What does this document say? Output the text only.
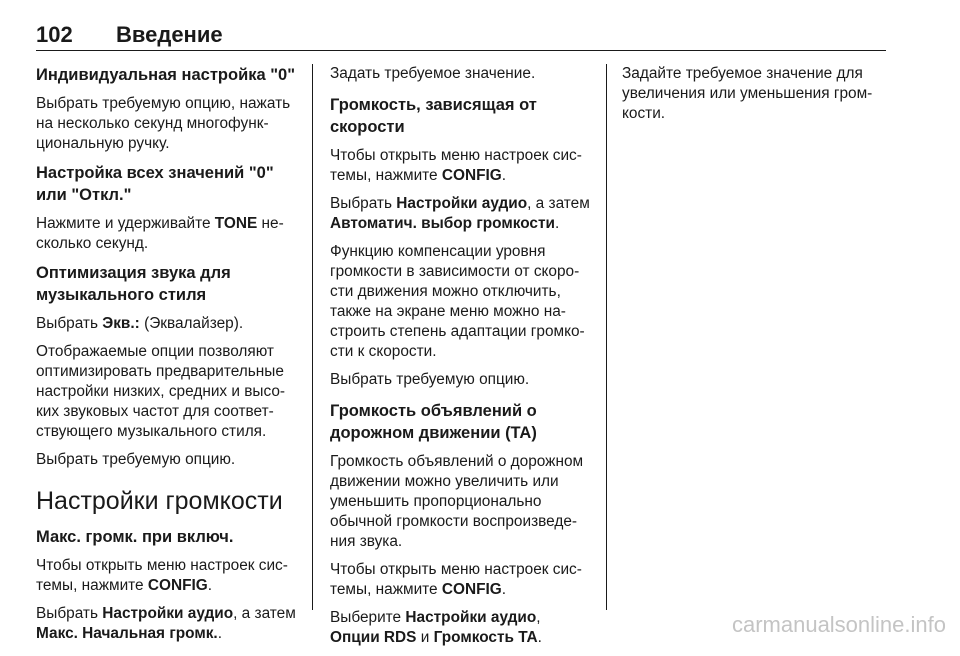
102 Введение
Индивидуальная настройка "0"
Выбрать требуемую опцию, нажать
на несколько секунд многофунк-
циональную ручку.
Настройка всех значений "0"
или "Откл."
Нажмите и удерживайте TONE не-
сколько секунд.
Оптимизация звука для
музыкального стиля
Выбрать Экв.: (Эквалайзер).
Отображаемые опции позволяют
оптимизировать предварительные
настройки низких, средних и высо-
ких звуковых частот для соответ-
ствующего музыкального стиля.
Выбрать требуемую опцию.
Настройки громкости
Макс. громк. при включ.
Чтобы открыть меню настроек сис-
темы, нажмите CONFIG.
Выбрать Настройки аудио, а затем
Макс. Начальная громк..
Задать требуемое значение.
Громкость, зависящая от
скорости
Чтобы открыть меню настроек сис-
темы, нажмите CONFIG.
Выбрать Настройки аудио, а затем
Автоматич. выбор громкости.
Функцию компенсации уровня
громкости в зависимости от скоро-
сти движения можно отключить,
также на экране меню можно на-
строить степень адаптации громко-
сти к скорости.
Выбрать требуемую опцию.
Громкость объявлений о
дорожном движении (TA)
Громкость объявлений о дорожном
движении можно увеличить или
уменьшить пропорционально
обычной громкости воспроизведе-
ния звука.
Чтобы открыть меню настроек сис-
темы, нажмите CONFIG.
Выберите Настройки аудио,
Опции RDS и Громкость TA.
Задайте требуемое значение для
увеличения или уменьшения гром-
кости.
carmanualsonline.info
